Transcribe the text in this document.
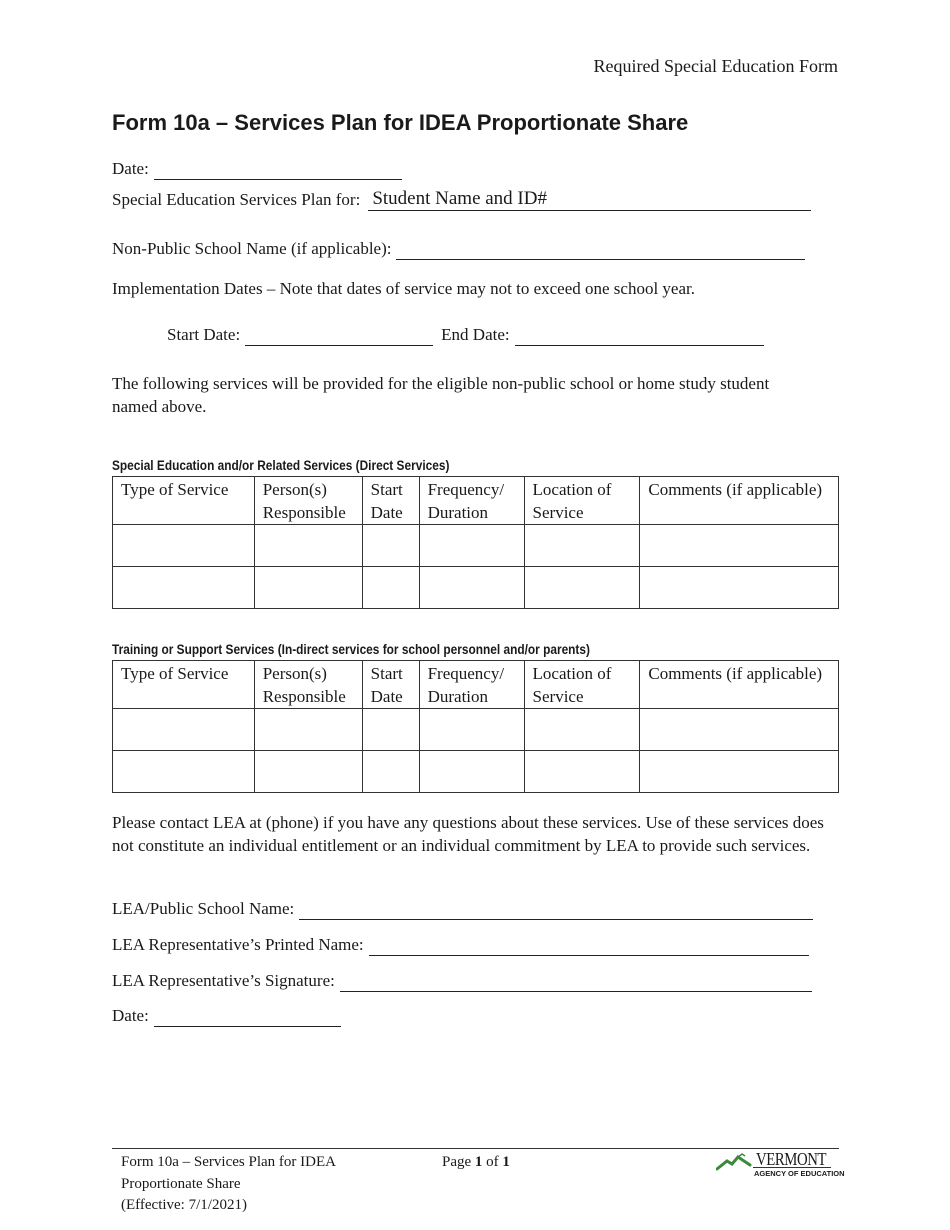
Required Special Education Form
Form 10a – Services Plan for IDEA Proportionate Share
Date:
Special Education Services Plan for: Student Name and ID#
Non-Public School Name (if applicable):
Implementation Dates – Note that dates of service may not to exceed one school year.
Start Date:	End Date:
The following services will be provided for the eligible non-public school or home study student named above.
Special Education and/or Related Services (Direct Services)
Type of Service	Person(s) Responsible	Start Date	Frequency/ Duration	Location of Service	Comments (if applicable)

Training or Support Services (In-direct services for school personnel and/or parents)
Type of Service	Person(s) Responsible	Start Date	Frequency/ Duration	Location of Service	Comments (if applicable)

Please contact LEA at (phone) if you have any questions about these services. Use of these services does not constitute an individual entitlement or an individual commitment by LEA to provide such services.
LEA/Public School Name:
LEA Representative’s Printed Name:
LEA Representative’s Signature:
Date:
Form 10a – Services Plan for IDEA
Proportionate Share
(Effective: 7/1/2021)
Page 1 of 1	VERMONT
AGENCY OF EDUCATION
